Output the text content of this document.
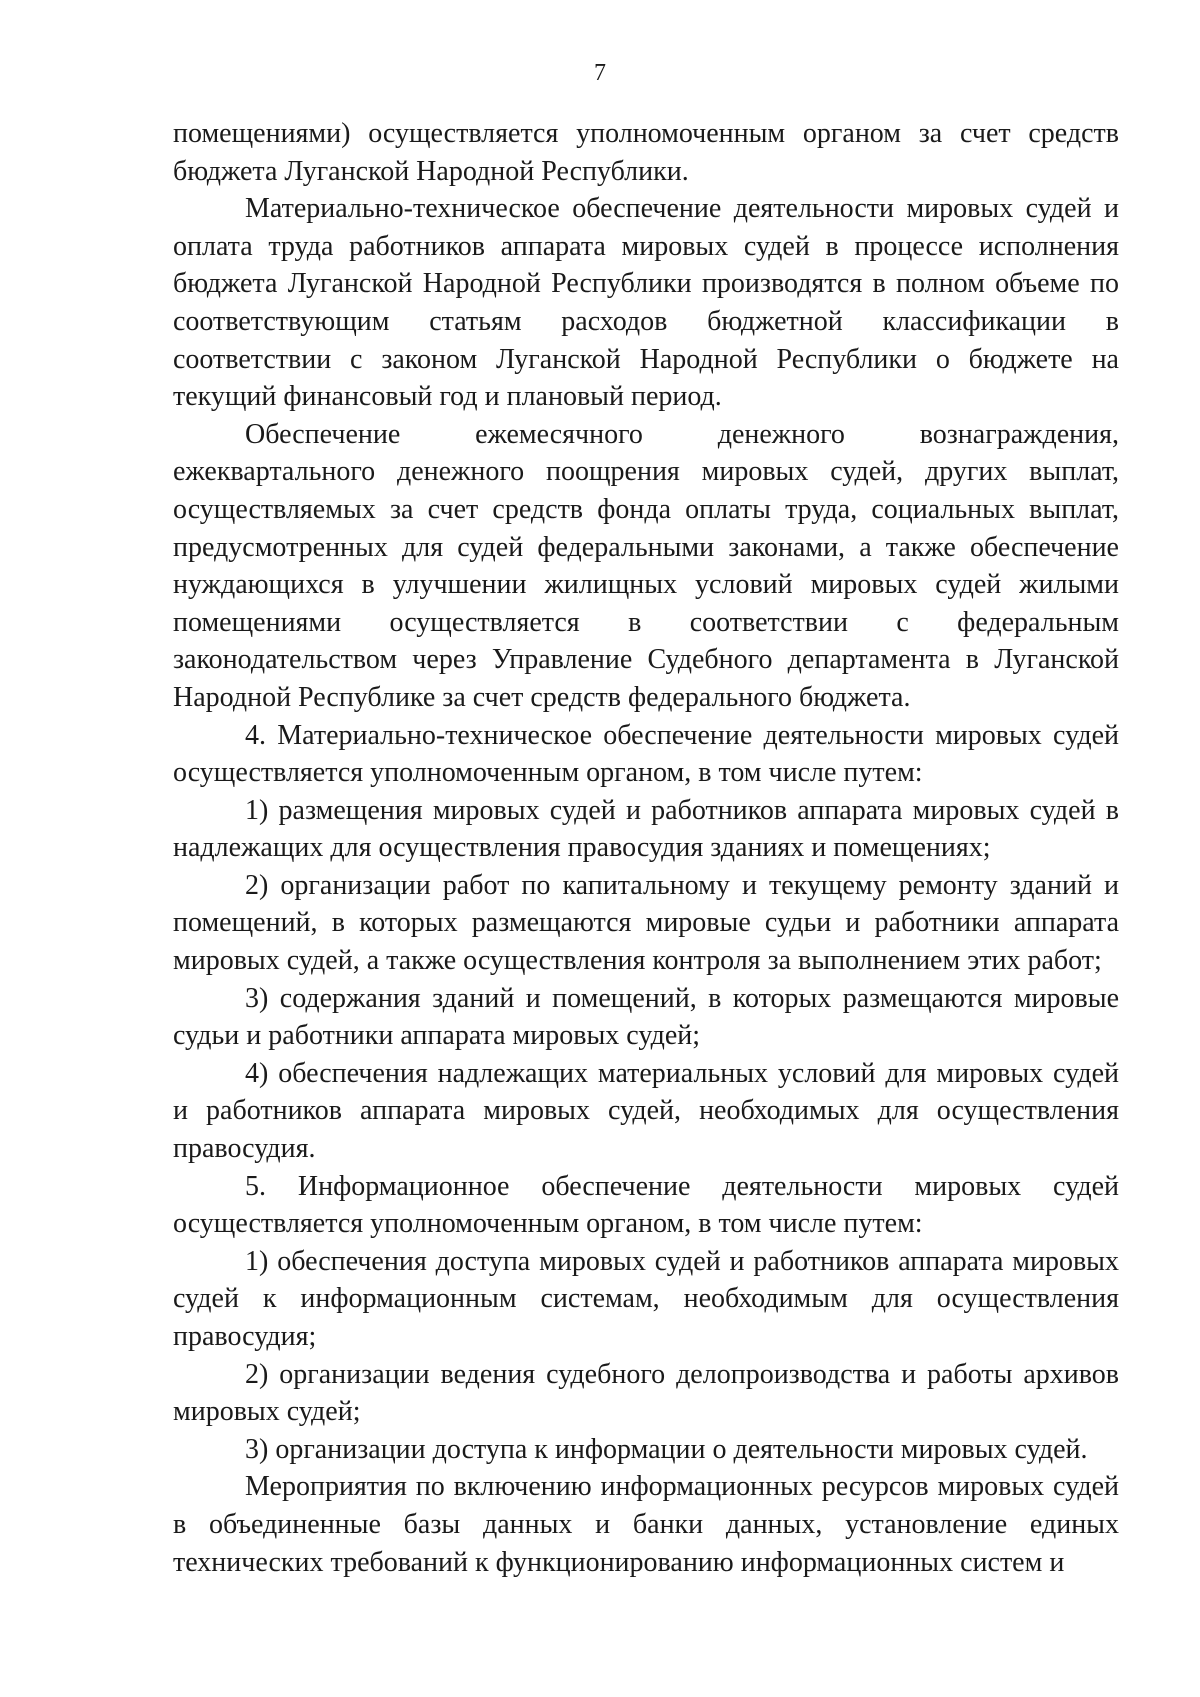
7

помещениями) осуществляется уполномоченным органом за счет средств бюджета Луганской Народной Республики.

Материально-техническое обеспечение деятельности мировых судей и оплата труда работников аппарата мировых судей в процессе исполнения бюджета Луганской Народной Республики производятся в полном объеме по соответствующим статьям расходов бюджетной классификации в соответствии с законом Луганской Народной Республики о бюджете на текущий финансовый год и плановый период.

Обеспечение ежемесячного денежного вознаграждения, ежеквартального денежного поощрения мировых судей, других выплат, осуществляемых за счет средств фонда оплаты труда, социальных выплат, предусмотренных для судей федеральными законами, а также обеспечение нуждающихся в улучшении жилищных условий мировых судей жилыми помещениями осуществляется в соответствии с федеральным законодательством через Управление Судебного департамента в Луганской Народной Республике за счет средств федерального бюджета.

4. Материально-техническое обеспечение деятельности мировых судей осуществляется уполномоченным органом, в том числе путем:

1) размещения мировых судей и работников аппарата мировых судей в надлежащих для осуществления правосудия зданиях и помещениях;

2) организации работ по капитальному и текущему ремонту зданий и помещений, в которых размещаются мировые судьи и работники аппарата мировых судей, а также осуществления контроля за выполнением этих работ;

3) содержания зданий и помещений, в которых размещаются мировые судьи и работники аппарата мировых судей;

4) обеспечения надлежащих материальных условий для мировых судей и работников аппарата мировых судей, необходимых для осуществления правосудия.

5. Информационное обеспечение деятельности мировых судей осуществляется уполномоченным органом, в том числе путем:

1) обеспечения доступа мировых судей и работников аппарата мировых судей к информационным системам, необходимым для осуществления правосудия;

2) организации ведения судебного делопроизводства и работы архивов мировых судей;

3) организации доступа к информации о деятельности мировых судей.

Мероприятия по включению информационных ресурсов мировых судей в объединенные базы данных и банки данных, установление единых технических требований к функционированию информационных систем и
